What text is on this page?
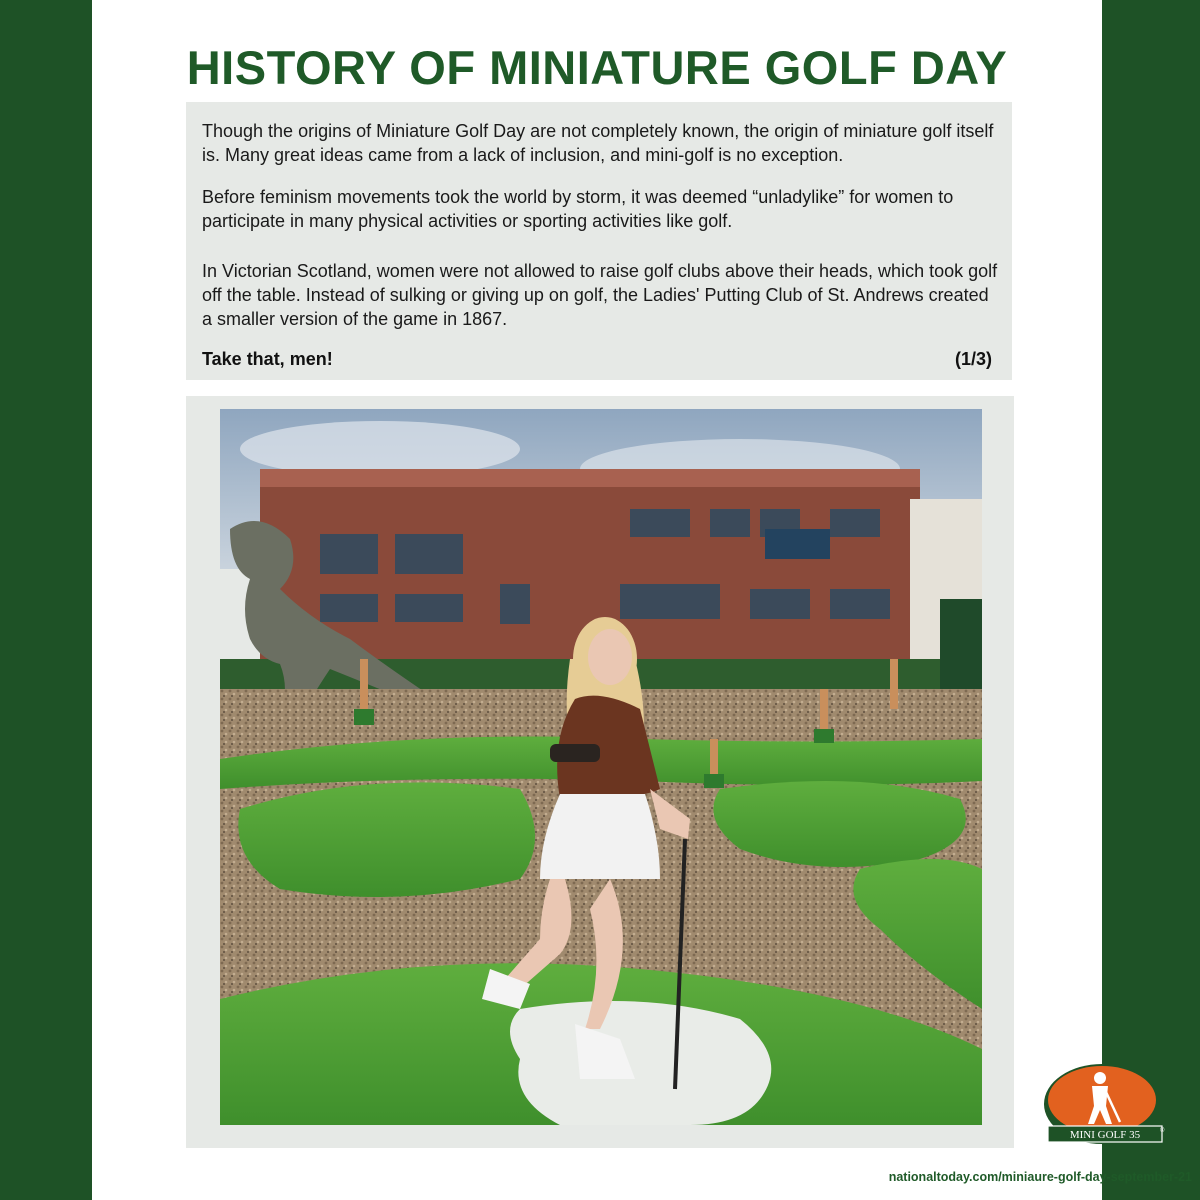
HISTORY OF MINIATURE GOLF DAY

Though the origins of Miniature Golf Day are not completely known, the origin of miniature golf itself is. Many great ideas came from a lack of inclusion, and mini-golf is no exception.

Before feminism movements took the world by storm, it was deemed “unladylike” for women to participate in many physical activities or sporting activities like golf.

In Victorian Scotland, women were not allowed to raise golf clubs above their heads, which took golf off the table. Instead of sulking or giving up on golf, the Ladies' Putting Club of St. Andrews created a smaller version of the game in 1867.

Take that, men!	(1/3)
MINI GOLF 35	®
nationaltoday.com/miniaure-golf-day-september-21
